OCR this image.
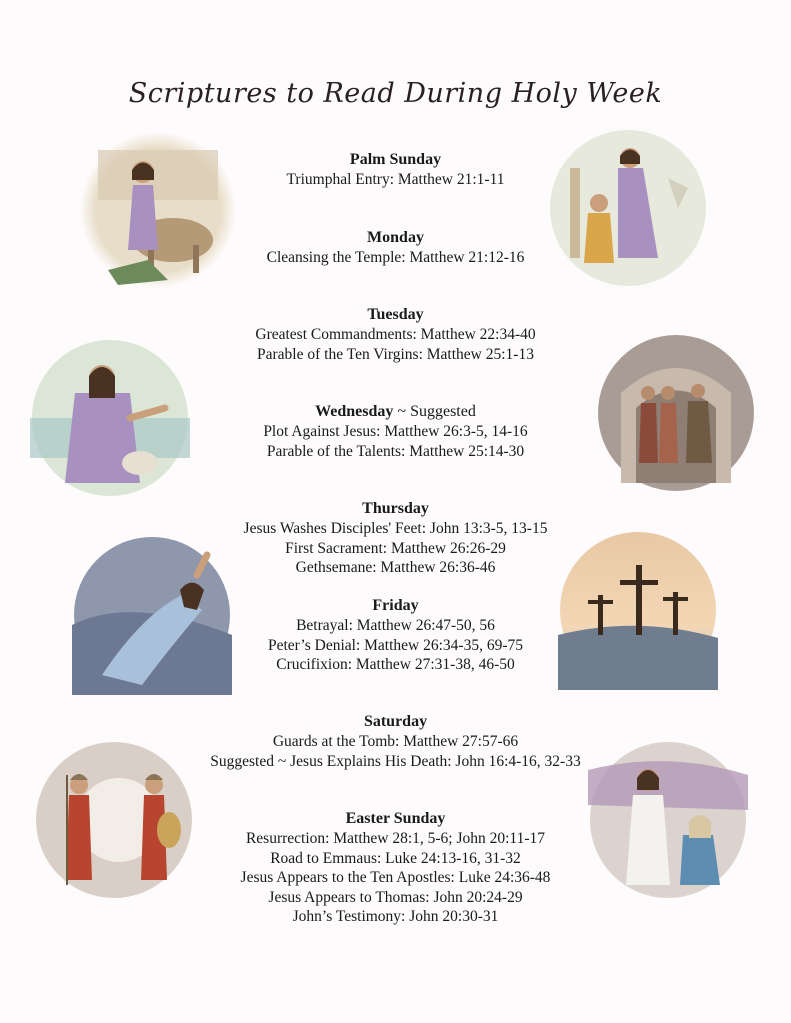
Scriptures to Read During Holy Week
Palm Sunday
Triumphal Entry: Matthew 21:1-11
Monday
Cleansing the Temple: Matthew 21:12-16
Tuesday
Greatest Commandments: Matthew 22:34-40
Parable of the Ten Virgins: Matthew 25:1-13
Wednesday ~ Suggested
Plot Against Jesus: Matthew 26:3-5, 14-16
Parable of the Talents: Matthew 25:14-30
Thursday
Jesus Washes Disciples' Feet: John 13:3-5, 13-15
First Sacrament: Matthew 26:26-29
Gethsemane: Matthew 26:36-46
Friday
Betrayal: Matthew 26:47-50, 56
Peter’s Denial: Matthew 26:34-35, 69-75
Crucifixion: Matthew 27:31-38, 46-50
Saturday
Guards at the Tomb: Matthew 27:57-66
Suggested ~ Jesus Explains His Death: John 16:4-16, 32-33
Easter Sunday
Resurrection: Matthew 28:1, 5-6; John 20:11-17
Road to Emmaus: Luke 24:13-16, 31-32
Jesus Appears to the Ten Apostles: Luke 24:36-48
Jesus Appears to Thomas: John 20:24-29
John’s Testimony: John 20:30-31
